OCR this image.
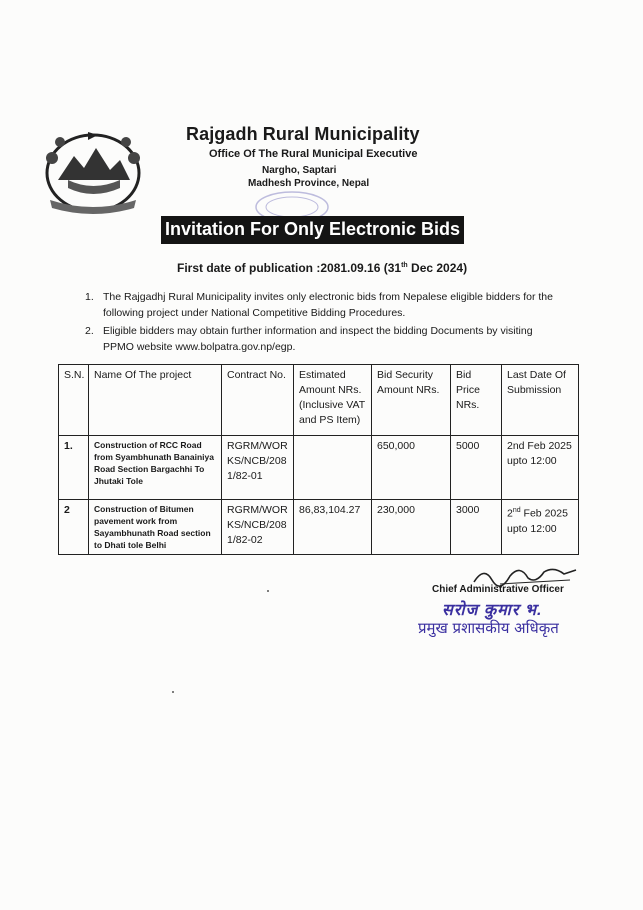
Rajgadh Rural Municipality
Office Of The Rural Municipal Executive
Nargho, Saptari
Madhesh Province, Nepal
Invitation For Only Electronic Bids
First date of publication :2081.09.16 (31th Dec 2024)
1. The Rajgadhj Rural Municipality invites only electronic bids from Nepalese eligible bidders for the following project under National Competitive Bidding Procedures.
2. Eligible bidders may obtain further information and inspect the bidding Documents by visiting PPMO website www.bolpatra.gov.np/egp.
S.N.	Name Of The project	Contract No.	Estimated Amount NRs. (Inclusive VAT and PS Item)	Bid Security Amount NRs.	Bid Price NRs.	Last Date Of Submission
1.	Construction of RCC Road from Syambhunath Banainiya Road Section Bargachhi To Jhutaki Tole	RGRM/WORKS/NCB/2081/82-01		650,000	5000	2nd Feb 2025 upto 12:00
2	Construction of Bitumen pavement work from Sayambhunath Road section to Dhati tole Belhi	RGRM/WORKS/NCB/2081/82-02	86,83,104.27	230,000	3000	2nd Feb 2025 upto 12:00
Chief Administrative Officer
सरोज कुमार भ.
प्रमुख प्रशासकीय अधिकृत
